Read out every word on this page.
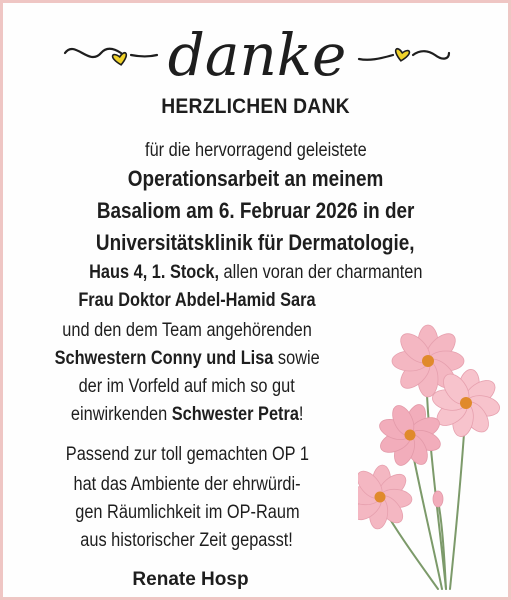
danke
HERZLICHEN DANK
für die hervorragend geleistete
Operationsarbeit an meinem
Basaliom am 6. Februar 2026 in der
Universitätsklinik für Dermatologie,
Haus 4, 1. Stock, allen voran der charmanten
Frau Doktor Abdel-Hamid Sara
und den dem Team angehörenden
Schwestern Conny und Lisa sowie
der im Vorfeld auf mich so gut
einwirkenden Schwester Petra!
Passend zur toll gemachten OP 1
hat das Ambiente der ehrwürdi-
gen Räumlichkeit im OP-Raum
aus historischer Zeit gepasst!
Renate Hosp
